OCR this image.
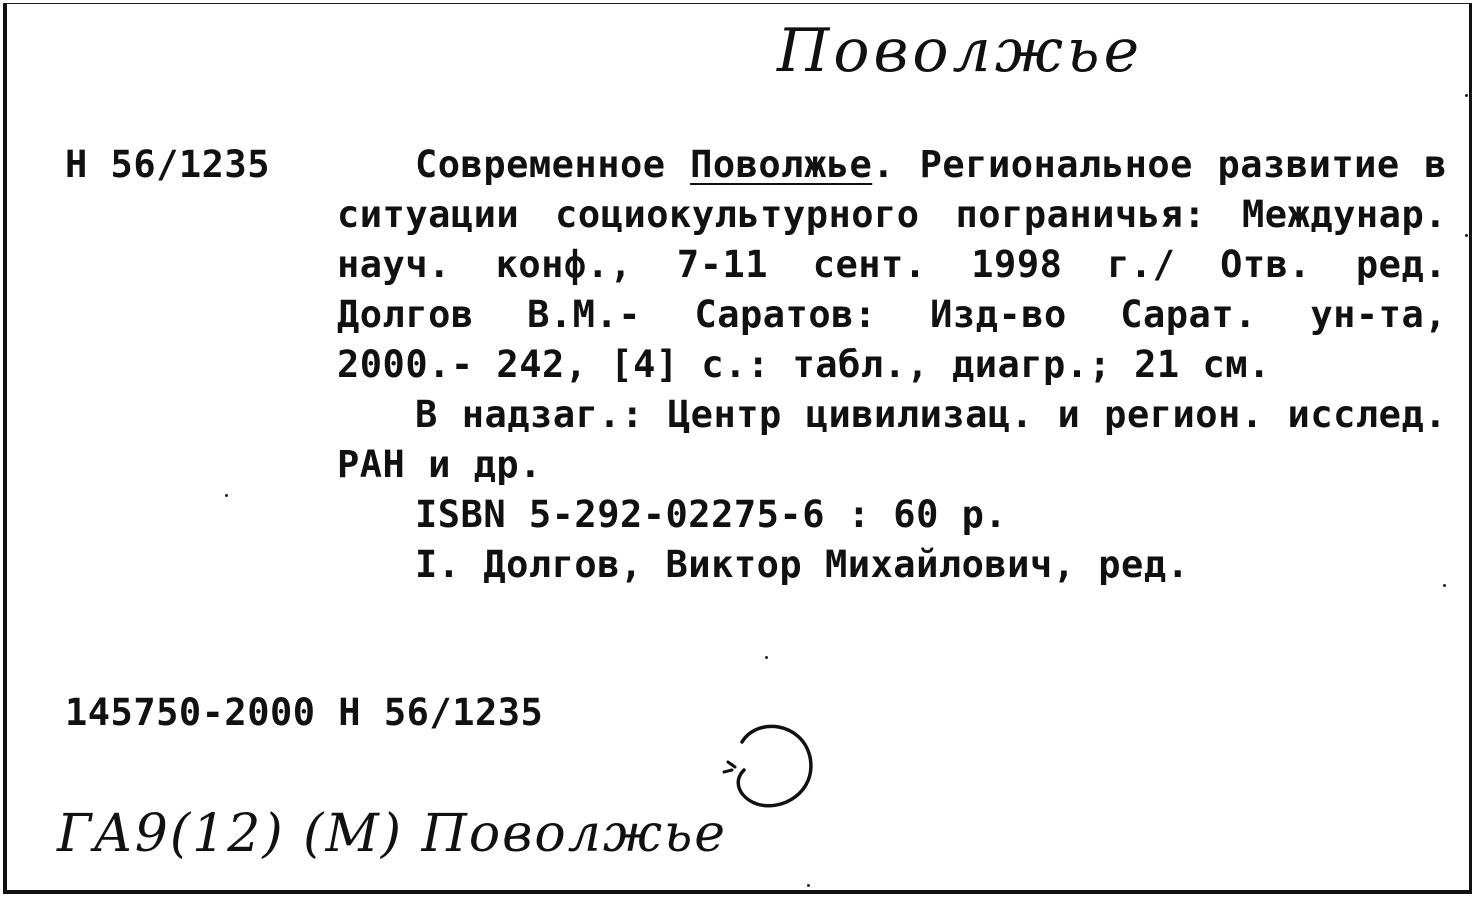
Поволжье
Н 56/1235	Современное Поволжье. Региональное развитие в ситуации социокультурного пограничья: Междунар. науч. конф., 7-11 сент. 1998 г./ Отв. ред. Долгов В.М.- Саратов: Изд-во Сарат. ун-та, 2000.- 242, [4] с.: табл., диагр.; 21 см.

В надзаг.: Центр цивилизац. и регион. исслед. РАН и др.

ISBN 5-292-02275-6 : 60 р.

I. Долгов, Виктор Михайлович, ред.

145750-2000 Н 56/1235
ГА9(12) (М) Поволжье
